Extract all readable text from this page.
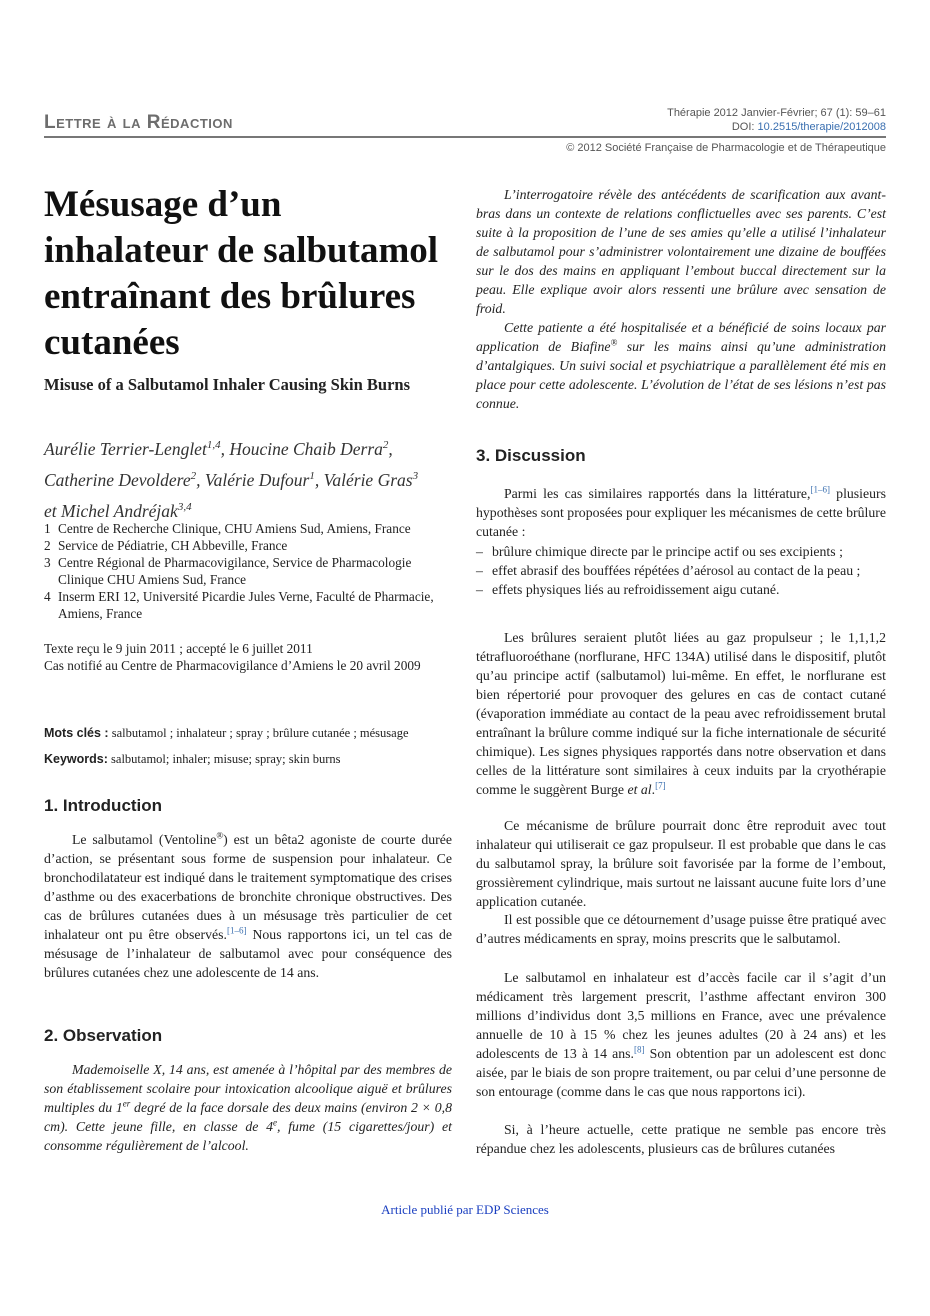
Lettre à la Rédaction	Thérapie 2012 Janvier-Février; 67 (1): 59–61
DOI: 10.2515/therapie/2012008
© 2012 Société Française de Pharmacologie et de Thérapeutique
Mésusage d’un inhalateur de salbutamol entraînant des brûlures cutanées
Misuse of a Salbutamol Inhaler Causing Skin Burns
Aurélie Terrier-Lenglet$^{1,4}$, Houcine Chaib Derra$^2$,
Catherine Devoldere$^2$, Valérie Dufour$^1$, Valérie Gras$^3$
et Michel Andréjak$^{3,4}$
1 Centre de Recherche Clinique, CHU Amiens Sud, Amiens, France
2 Service de Pédiatrie, CH Abbeville, France
3 Centre Régional de Pharmacovigilance, Service de Pharmacologie Clinique CHU Amiens Sud, France
4 Inserm ERI 12, Université Picardie Jules Verne, Faculté de Pharmacie, Amiens, France
Texte reçu le 9 juin 2011 ; accepté le 6 juillet 2011
Cas notifié au Centre de Pharmacovigilance d’Amiens le 20 avril 2009
Mots clés : salbutamol ; inhalateur ; spray ; brûlure cutanée ; mésusage
Keywords: salbutamol; inhaler; misuse; spray; skin burns
1. Introduction

Le salbutamol (Ventoline®) est un bêta2 agoniste de courte durée d’action, se présentant sous forme de suspension pour inhalateur. Ce bronchodilatateur est indiqué dans le traitement symptomatique des crises d’asthme ou des exacerbations de bronchite chronique obstructives. Des cas de brûlures cutanées dues à un mésusage très particulier de cet inhalateur ont pu être observés.[1–6] Nous rapportons ici, un tel cas de mésusage de l’inhalateur de salbutamol avec pour conséquence des brûlures cutanées chez une adolescente de 14 ans.

2. Observation

Mademoiselle X, 14 ans, est amenée à l’hôpital par des membres de son établissement scolaire pour intoxication alcoolique aiguë et brûlures multiples du 1er degré de la face dorsale des deux mains (environ 2 × 0,8 cm). Cette jeune fille, en classe de 4e, fume (15 cigarettes/jour) et consomme régulièrement de l’alcool.

L’interrogatoire révèle des antécédents de scarification aux avant-bras dans un contexte de relations conflictuelles avec ses parents. C’est suite à la proposition de l’une de ses amies qu’elle a utilisé l’inhalateur de salbutamol pour s’administrer volontairement une dizaine de bouffées sur le dos des mains en appliquant l’embout buccal directement sur la peau. Elle explique avoir alors ressenti une brûlure avec sensation de froid.

Cette patiente a été hospitalisée et a bénéficié de soins locaux par application de Biafine® sur les mains ainsi qu’une administration d’antalgiques. Un suivi social et psychiatrique a parallèlement été mis en place pour cette adolescente. L’évolution de l’état de ses lésions n’est pas connue.

3. Discussion

Parmi les cas similaires rapportés dans la littérature,[1–6] plusieurs hypothèses sont proposées pour expliquer les mécanismes de cette brûlure cutanée :

– brûlure chimique directe par le principe actif ou ses excipients ;
– effet abrasif des bouffées répétées d’aérosol au contact de la peau ;
– effets physiques liés au refroidissement aigu cutané.

Les brûlures seraient plutôt liées au gaz propulseur ; le 1,1,1,2 tétrafluoroéthane (norflurane, HFC 134A) utilisé dans le dispositif, plutôt qu’au principe actif (salbutamol) lui-même. En effet, le norflurane est bien répertorié pour provoquer des gelures en cas de contact cutané (évaporation immédiate au contact de la peau avec refroidissement brutal entraînant la brûlure comme indiqué sur la fiche internationale de sécurité chimique). Les signes physiques rapportés dans notre observation et dans celles de la littérature sont similaires à ceux induits par la cryothérapie comme le suggèrent Burge et al.[7]

Ce mécanisme de brûlure pourrait donc être reproduit avec tout inhalateur qui utiliserait ce gaz propulseur. Il est probable que dans le cas du salbutamol spray, la brûlure soit favorisée par la forme de l’embout, grossièrement cylindrique, mais surtout ne laissant aucune fuite lors d’une application cutanée.

Il est possible que ce détournement d’usage puisse être pratiqué avec d’autres médicaments en spray, moins prescrits que le salbutamol.

Le salbutamol en inhalateur est d’accès facile car il s’agit d’un médicament très largement prescrit, l’asthme affectant environ 300 millions d’individus dont 3,5 millions en France, avec une prévalence annuelle de 10 à 15 % chez les jeunes adultes (20 à 24 ans) et les adolescents de 13 à 14 ans.[8] Son obtention par un adolescent est donc aisée, par le biais de son propre traitement, ou par celui d’une personne de son entourage (comme dans le cas que nous rapportons ici).

Si, à l’heure actuelle, cette pratique ne semble pas encore très répandue chez les adolescents, plusieurs cas de brûlures cutanées

Article publié par EDP Sciences
